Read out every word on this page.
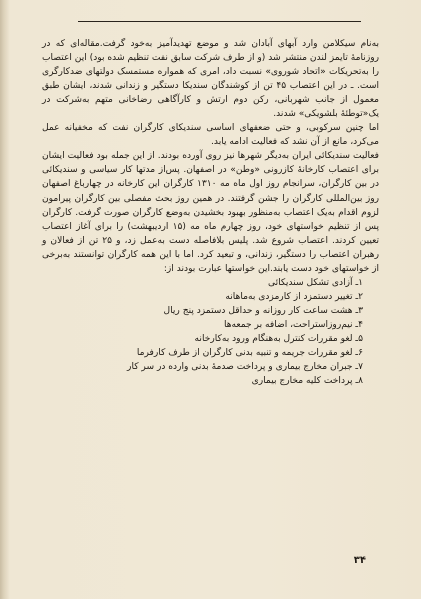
به‌نام سیکلامن وارد آبهای آبادان شد و موضع تهدیدآمیز به‌خود گرفت.مقاله‌ای که در روزنامهٔ تایمز لندن منتشر شد (و از طرف شرکت سابق نفت تنظیم شده بود) این اعتصاب را به‌تحریکات «اتحاد شوروی» نسبت داد، امری که همواره مستمسک دولتهای ضدکارگری است. ـ در این اعتصاب ۴۵ تن از کوشندگان سندیکا دستگیر و زندانی شدند، ایشان طبق معمول از جانب شهربانی، رکن دوم ارتش و کارآگاهی رضاخانی متهم به‌شرکت در یک«توطئهٔ بلشویکی» شدند.

اما چنین سرکوبی، و حتی ضعفهای اساسی سندیکای کارگران نفت که مخفیانه عمل می‌کرد، مانع از آن نشد که فعالیت ادامه یابد.

فعالیت سندیکائی ایران به‌دیگر شهرها نیز روی آورده بودند. از این جمله بود فعالیت ایشان برای اعتصاب کارخانهٔ کازرونی «وطن» در اصفهان. پس‌از مدتها کار سیاسی و سندیکائی در بین کارگران، سرانجام روز اول ماه مه ۱۳۱۰ کارگران این کارخانه در چهارباغ اصفهان روز بین‌المللی کارگران را جشن گرفتند. در همین روز بحث مفصلی بین کارگران پیرامون لزوم اقدام به‌یک اعتصاب به‌منظور بهبود بخشیدن به‌وضع کارگران صورت گرفت. کارگران پس از تنظیم خواستهای خود، روز چهارم ماه مه (۱۵ اردیبهشت) را برای آغاز اعتصاب تعیین کردند. اعتصاب شروع شد. پلیس بلافاصله دست به‌عمل زد، و ۲۵ تن از فعالان و رهبران اعتصاب را دستگیر، زندانی، و تبعید کرد. اما با این همه کارگران توانستند به‌برخی از خواستهای خود دست یابند.این خواستها عبارت بودند از:

۱ـ آزادی تشکل سندیکائی
۲ـ تغییر دستمزد از کارمزدی به‌ماهانه
۳ـ هشت ساعت کار روزانه و حداقل دستمزد پنج ریال
۴ـ نیم‌روزاستراحت، اضافه بر جمعه‌ها
۵ـ لغو مقررات کنترل به‌هنگام ورود به‌کارخانه
۶ـ لغو مقررات جریمه و تنبیه بدنی کارگران از طرف کارفرما
۷ـ جبران مخارج بیماری و پرداخت صدمهٔ بدنی وارده در سر کار
۸ـ پرداخت کلیه مخارج بیماری
۳۴
